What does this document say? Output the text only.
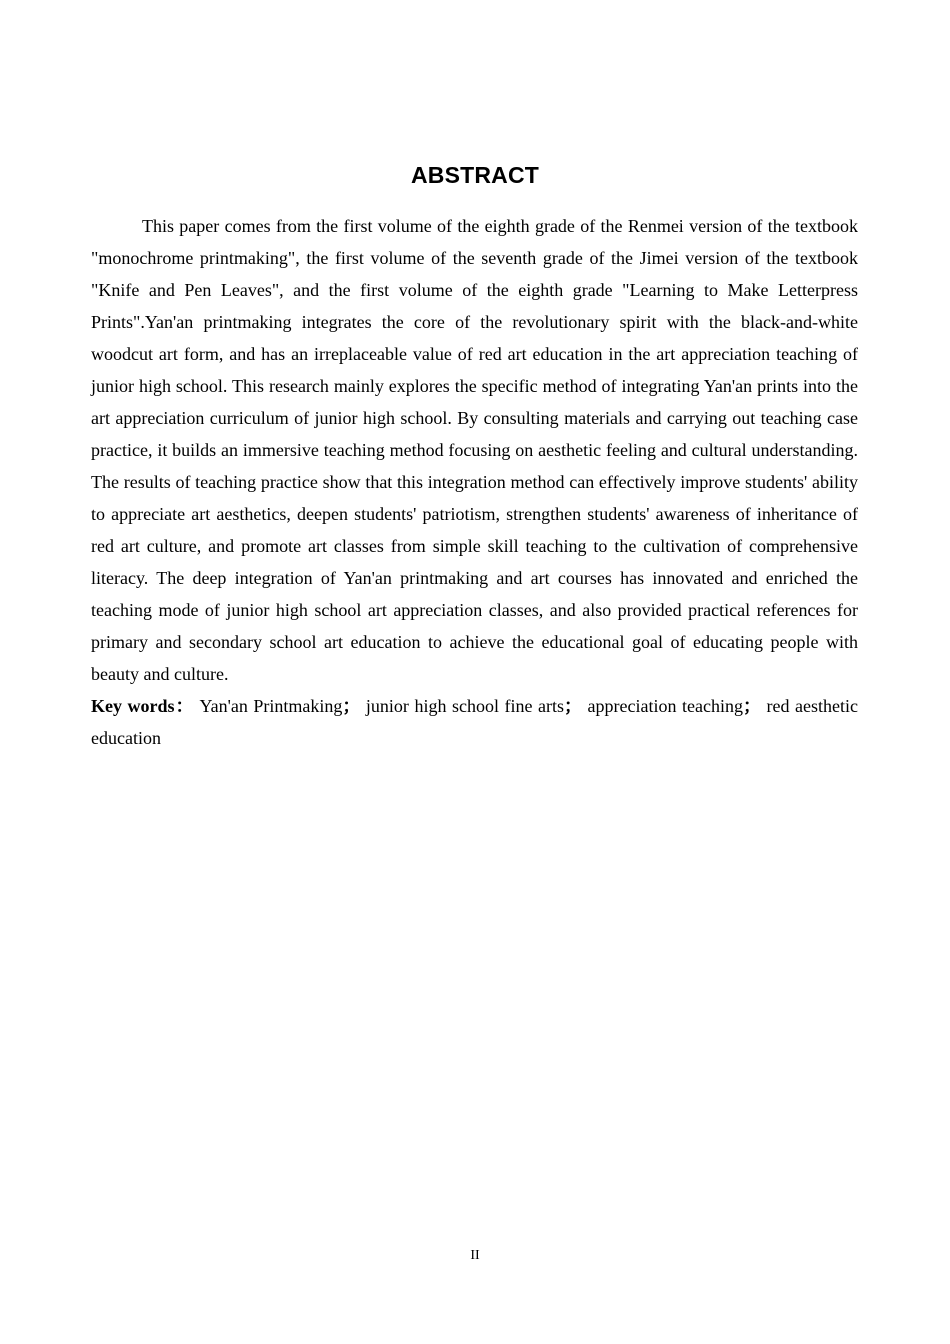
ABSTRACT

This paper comes from the first volume of the eighth grade of the Renmei version of the textbook "monochrome printmaking", the first volume of the seventh grade of the Jimei version of the textbook "Knife and Pen Leaves", and the first volume of the eighth grade "Learning to Make Letterpress Prints".Yan'an printmaking integrates the core of the revolutionary spirit with the black-and-white woodcut art form, and has an irreplaceable value of red art education in the art appreciation teaching of junior high school. This research mainly explores the specific method of integrating Yan'an prints into the art appreciation curriculum of junior high school. By consulting materials and carrying out teaching case practice, it builds an immersive teaching method focusing on aesthetic feeling and cultural understanding. The results of teaching practice show that this integration method can effectively improve students' ability to appreciate art aesthetics, deepen students' patriotism, strengthen students' awareness of inheritance of red art culture, and promote art classes from simple skill teaching to the cultivation of comprehensive literacy. The deep integration of Yan'an printmaking and art courses has innovated and enriched the teaching mode of junior high school art appreciation classes, and also provided practical references for primary and secondary school art education to achieve the educational goal of educating people with beauty and culture.

Key words： Yan'an Printmaking； junior high school fine arts； appreciation teaching； red aesthetic education

II
